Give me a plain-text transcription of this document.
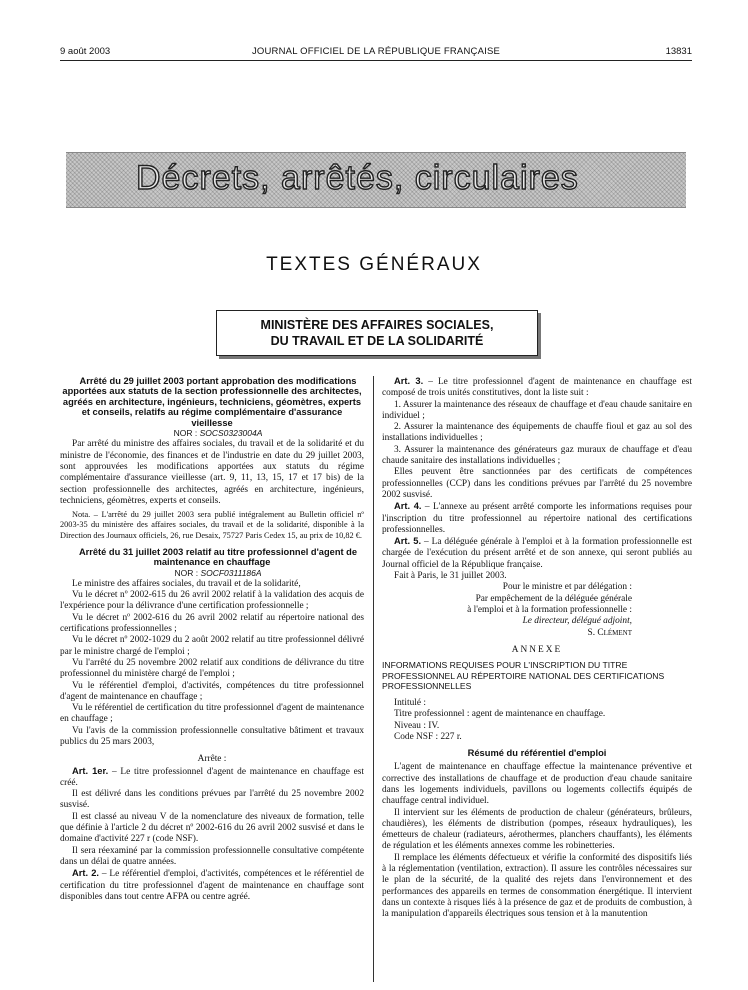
9 août 2003	JOURNAL OFFICIEL DE LA RÉPUBLIQUE FRANÇAISE	13831
Décrets, arrêtés, circulaires
TEXTES GÉNÉRAUX
MINISTÈRE DES AFFAIRES SOCIALES,
DU TRAVAIL ET DE LA SOLIDARITÉ

Arrêté du 29 juillet 2003 portant approbation des modifications apportées aux statuts de la section professionnelle des architectes, agréés en architecture, ingénieurs, techniciens, géomètres, experts et conseils, relatifs au régime complémentaire d'assurance vieillesse

NOR : SOCS0323004A

Par arrêté du ministre des affaires sociales, du travail et de la solidarité et du ministre de l'économie, des finances et de l'industrie en date du 29 juillet 2003, sont approuvées les modifications apportées aux statuts du régime complémentaire d'assurance vieillesse (art. 9, 11, 13, 15, 17 et 17 bis) de la section professionnelle des architectes, agréés en architecture, ingénieurs, techniciens, géomètres, experts et conseils.

Nota. – L'arrêté du 29 juillet 2003 sera publié intégralement au Bulletin officiel nº 2003-35 du ministère des affaires sociales, du travail et de la solidarité, disponible à la Direction des Journaux officiels, 26, rue Desaix, 75727 Paris Cedex 15, au prix de 10,82 €.

Arrêté du 31 juillet 2003 relatif au titre professionnel d'agent de maintenance en chauffage

NOR : SOCF0311186A

Le ministre des affaires sociales, du travail et de la solidarité,

Vu le décret nº 2002-615 du 26 avril 2002 relatif à la validation des acquis de l'expérience pour la délivrance d'une certification professionnelle ;

Vu le décret nº 2002-616 du 26 avril 2002 relatif au répertoire national des certifications professionnelles ;

Vu le décret nº 2002-1029 du 2 août 2002 relatif au titre professionnel délivré par le ministre chargé de l'emploi ;

Vu l'arrêté du 25 novembre 2002 relatif aux conditions de délivrance du titre professionnel du ministère chargé de l'emploi ;

Vu le référentiel d'emploi, d'activités, compétences du titre professionnel d'agent de maintenance en chauffage ;

Vu le référentiel de certification du titre professionnel d'agent de maintenance en chauffage ;

Vu l'avis de la commission professionnelle consultative bâtiment et travaux publics du 25 mars 2003,

Arrête :

Art. 1er. – Le titre professionnel d'agent de maintenance en chauffage est créé.

Il est délivré dans les conditions prévues par l'arrêté du 25 novembre 2002 susvisé.

Il est classé au niveau V de la nomenclature des niveaux de formation, telle que définie à l'article 2 du décret nº 2002-616 du 26 avril 2002 susvisé et dans le domaine d'activité 227 r (code NSF).

Il sera réexaminé par la commission professionnelle consultative compétente dans un délai de quatre années.

Art. 2. – Le référentiel d'emploi, d'activités, compétences et le référentiel de certification du titre professionnel d'agent de maintenance en chauffage sont disponibles dans tout centre AFPA ou centre agréé.

Art. 3. – Le titre professionnel d'agent de maintenance en chauffage est composé de trois unités constitutives, dont la liste suit :

1. Assurer la maintenance des réseaux de chauffage et d'eau chaude sanitaire en individuel ;

2. Assurer la maintenance des équipements de chauffe fioul et gaz au sol des installations individuelles ;

3. Assurer la maintenance des générateurs gaz muraux de chauffage et d'eau chaude sanitaire des installations individuelles ;

Elles peuvent être sanctionnées par des certificats de compétences professionnelles (CCP) dans les conditions prévues par l'arrêté du 25 novembre 2002 susvisé.

Art. 4. – L'annexe au présent arrêté comporte les informations requises pour l'inscription du titre professionnel au répertoire national des certifications professionnelles.

Art. 5. – La déléguée générale à l'emploi et à la formation professionnelle est chargée de l'exécution du présent arrêté et de son annexe, qui seront publiés au Journal officiel de la République française.

Fait à Paris, le 31 juillet 2003.

Pour le ministre et par délégation :

Par empêchement de la déléguée générale

à l'emploi et à la formation professionnelle :

Le directeur, délégué adjoint,

S. Clément

ANNEXE

INFORMATIONS REQUISES POUR L'INSCRIPTION DU TITRE PROFESSIONNEL AU RÉPERTOIRE NATIONAL DES CERTIFICATIONS PROFESSIONNELLES

Intitulé :

Titre professionnel : agent de maintenance en chauffage.

Niveau : IV.

Code NSF : 227 r.

Résumé du référentiel d'emploi

L'agent de maintenance en chauffage effectue la maintenance préventive et corrective des installations de chauffage et de production d'eau chaude sanitaire dans les logements individuels, pavillons ou logements collectifs équipés de chauffage central individuel.

Il intervient sur les éléments de production de chaleur (générateurs, brûleurs, chaudières), les éléments de distribution (pompes, réseaux hydrauliques), les émetteurs de chaleur (radiateurs, aérothermes, planchers chauffants), les éléments de régulation et les éléments annexes comme les robinetteries.

Il remplace les éléments défectueux et vérifie la conformité des dispositifs liés à la réglementation (ventilation, extraction). Il assure les contrôles nécessaires sur le plan de la sécurité, de la qualité des rejets dans l'environnement et des performances des appareils en termes de consommation énergétique. Il intervient dans un contexte à risques liés à la présence de gaz et de produits de combustion, à la manipulation d'appareils électriques sous tension et à la manutention
